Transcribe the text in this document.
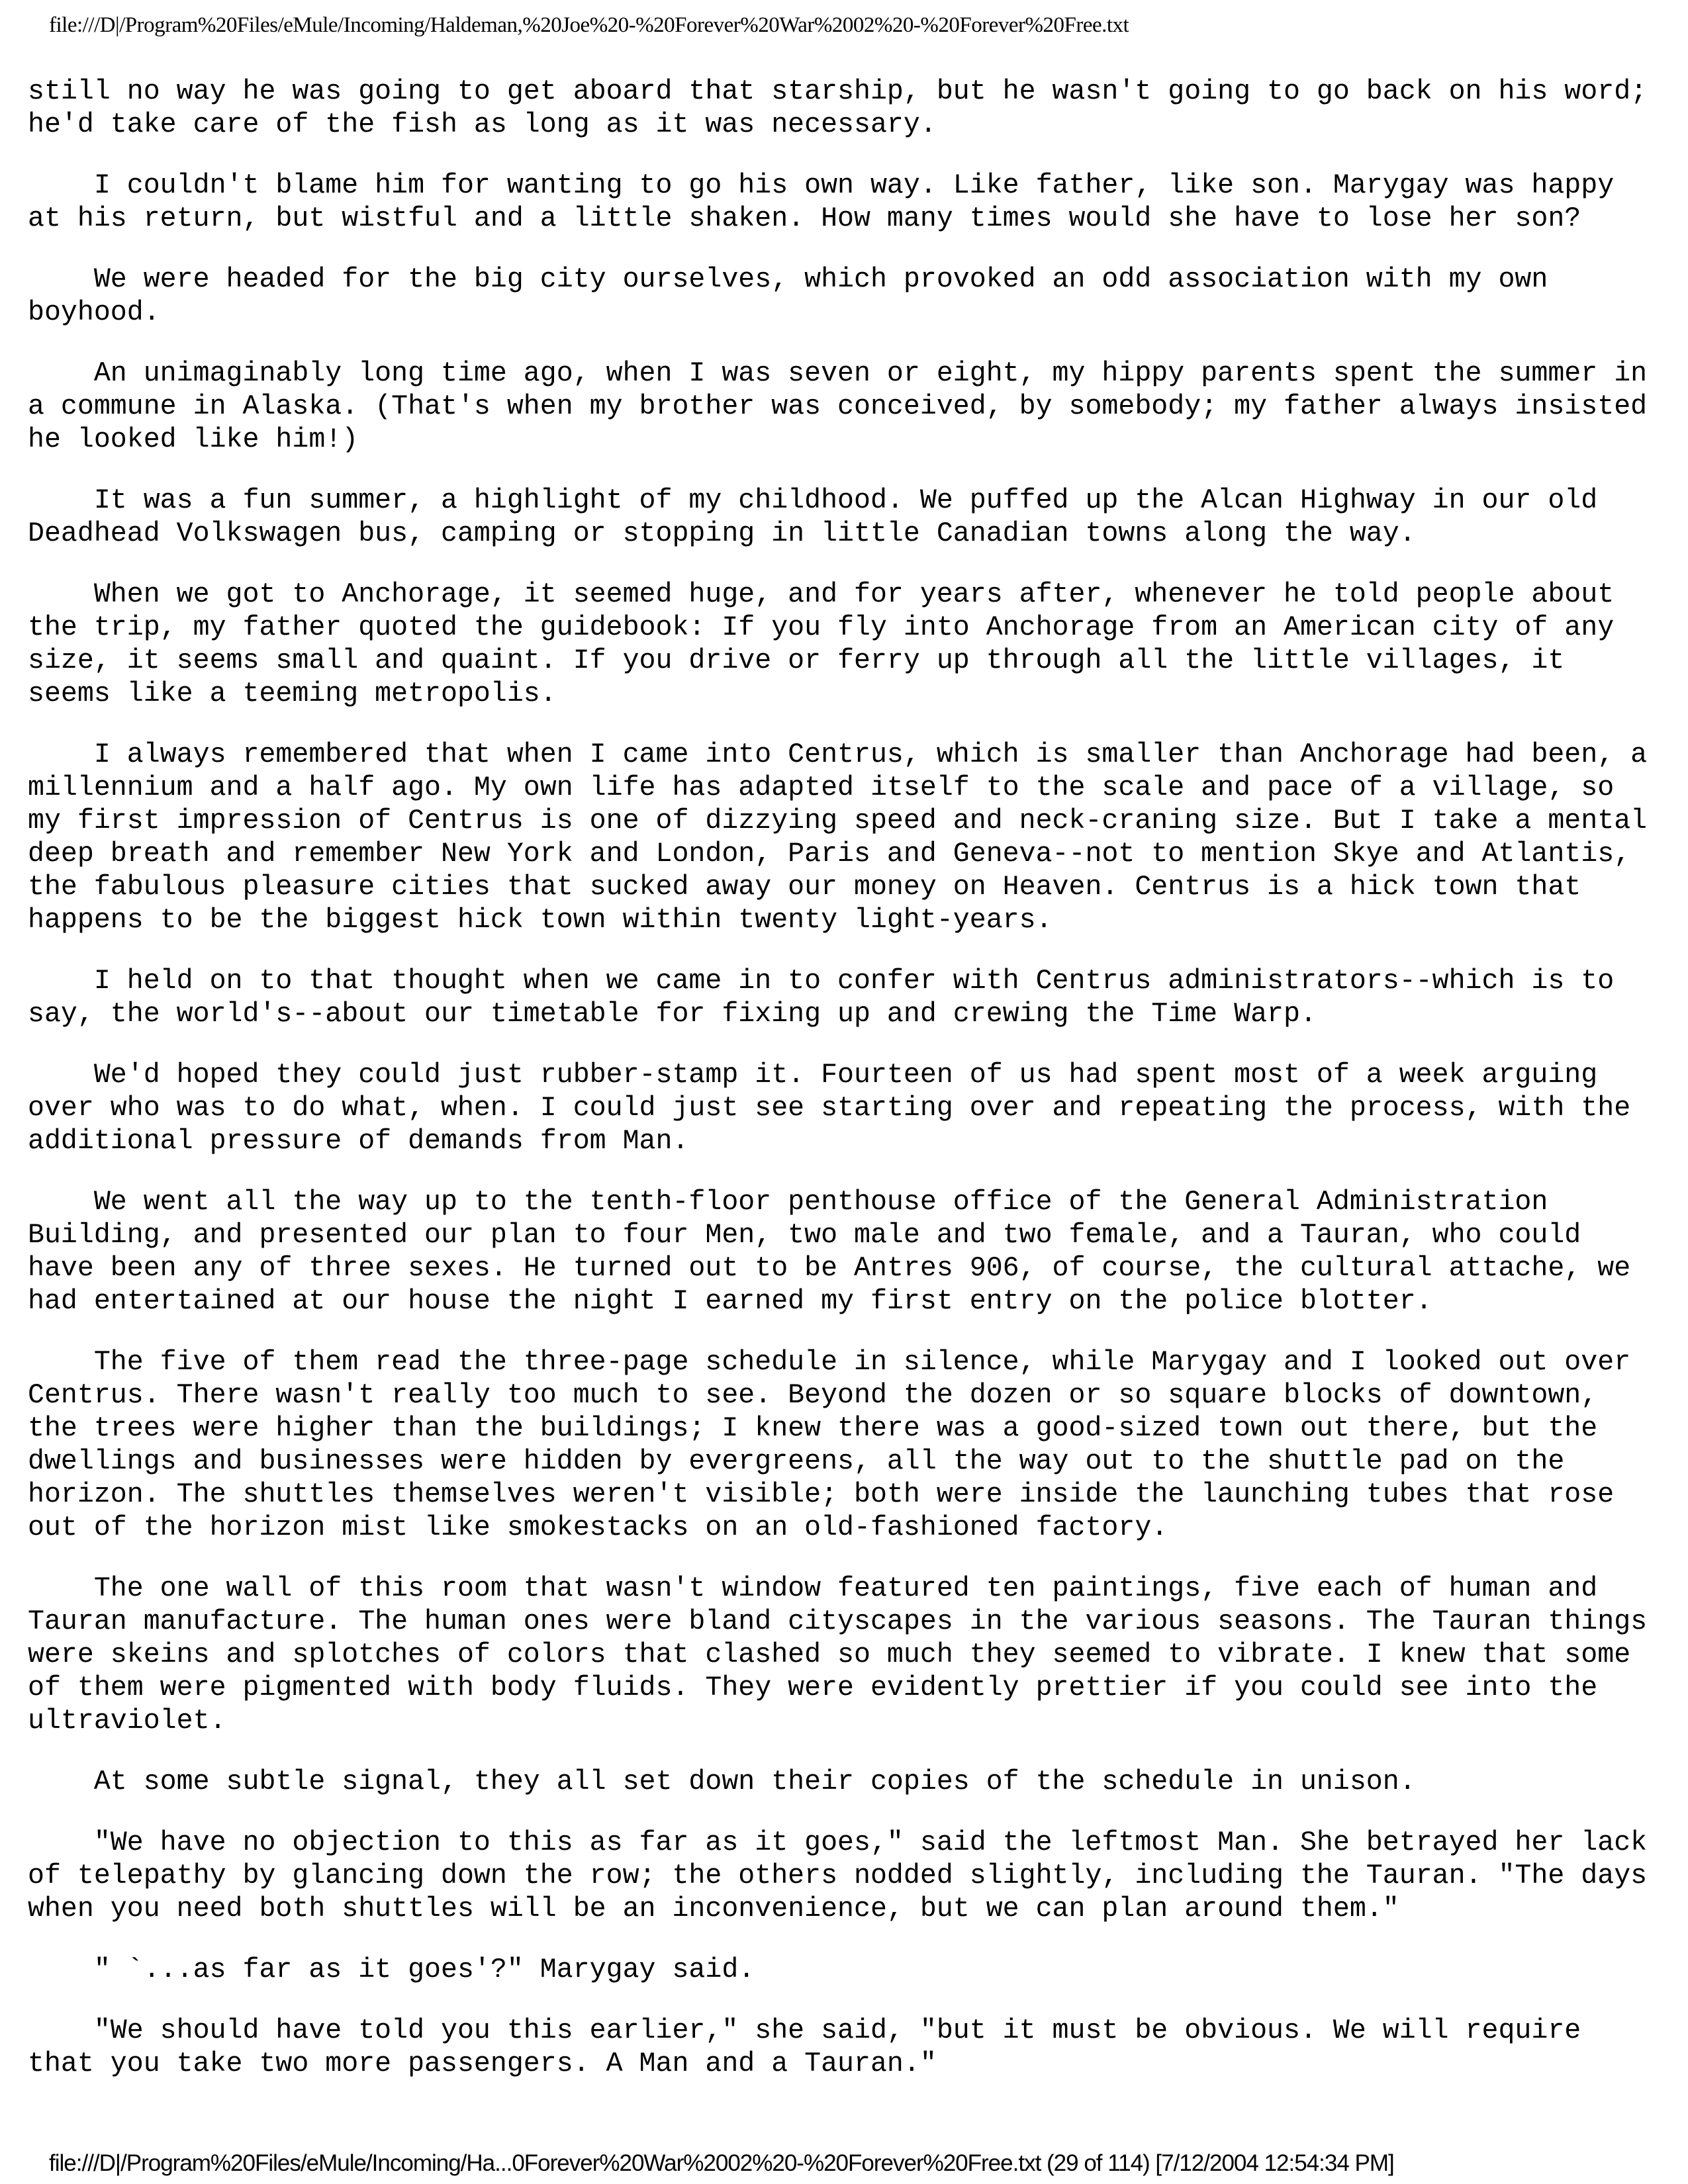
file:///D|/Program%20Files/eMule/Incoming/Haldeman,%20Joe%20-%20Forever%20War%2002%20-%20Forever%20Free.txt
still no way he was going to get aboard that starship, but he wasn't going to go back on his word;
he'd take care of the fish as long as it was necessary.
I couldn't blame him for wanting to go his own way. Like father, like son. Marygay was happy
at his return, but wistful and a little shaken. How many times would she have to lose her son?
We were headed for the big city ourselves, which provoked an odd association with my own
boyhood.
An unimaginably long time ago, when I was seven or eight, my hippy parents spent the summer in
a commune in Alaska. (That's when my brother was conceived, by somebody; my father always insisted
he looked like him!)
It was a fun summer, a highlight of my childhood. We puffed up the Alcan Highway in our old
Deadhead Volkswagen bus, camping or stopping in little Canadian towns along the way.
When we got to Anchorage, it seemed huge, and for years after, whenever he told people about
the trip, my father quoted the guidebook: If you fly into Anchorage from an American city of any
size, it seems small and quaint. If you drive or ferry up through all the little villages, it
seems like a teeming metropolis.
I always remembered that when I came into Centrus, which is smaller than Anchorage had been, a
millennium and a half ago. My own life has adapted itself to the scale and pace of a village, so
my first impression of Centrus is one of dizzying speed and neck-craning size. But I take a mental
deep breath and remember New York and London, Paris and Geneva--not to mention Skye and Atlantis,
the fabulous pleasure cities that sucked away our money on Heaven. Centrus is a hick town that
happens to be the biggest hick town within twenty light-years.
I held on to that thought when we came in to confer with Centrus administrators--which is to
say, the world's--about our timetable for fixing up and crewing the Time Warp.
We'd hoped they could just rubber-stamp it. Fourteen of us had spent most of a week arguing
over who was to do what, when. I could just see starting over and repeating the process, with the
additional pressure of demands from Man.
We went all the way up to the tenth-floor penthouse office of the General Administration
Building, and presented our plan to four Men, two male and two female, and a Tauran, who could
have been any of three sexes. He turned out to be Antres 906, of course, the cultural attache, we
had entertained at our house the night I earned my first entry on the police blotter.
The five of them read the three-page schedule in silence, while Marygay and I looked out over
Centrus. There wasn't really too much to see. Beyond the dozen or so square blocks of downtown,
the trees were higher than the buildings; I knew there was a good-sized town out there, but the
dwellings and businesses were hidden by evergreens, all the way out to the shuttle pad on the
horizon. The shuttles themselves weren't visible; both were inside the launching tubes that rose
out of the horizon mist like smokestacks on an old-fashioned factory.
The one wall of this room that wasn't window featured ten paintings, five each of human and
Tauran manufacture. The human ones were bland cityscapes in the various seasons. The Tauran things
were skeins and splotches of colors that clashed so much they seemed to vibrate. I knew that some
of them were pigmented with body fluids. They were evidently prettier if you could see into the
ultraviolet.
At some subtle signal, they all set down their copies of the schedule in unison.
"We have no objection to this as far as it goes," said the leftmost Man. She betrayed her lack
of telepathy by glancing down the row; the others nodded slightly, including the Tauran. "The days
when you need both shuttles will be an inconvenience, but we can plan around them."
" `...as far as it goes'?" Marygay said.
"We should have told you this earlier," she said, "but it must be obvious. We will require
that you take two more passengers. A Man and a Tauran."
file:///D|/Program%20Files/eMule/Incoming/Ha...0Forever%20War%2002%20-%20Forever%20Free.txt (29 of 114) [7/12/2004 12:54:34 PM]
